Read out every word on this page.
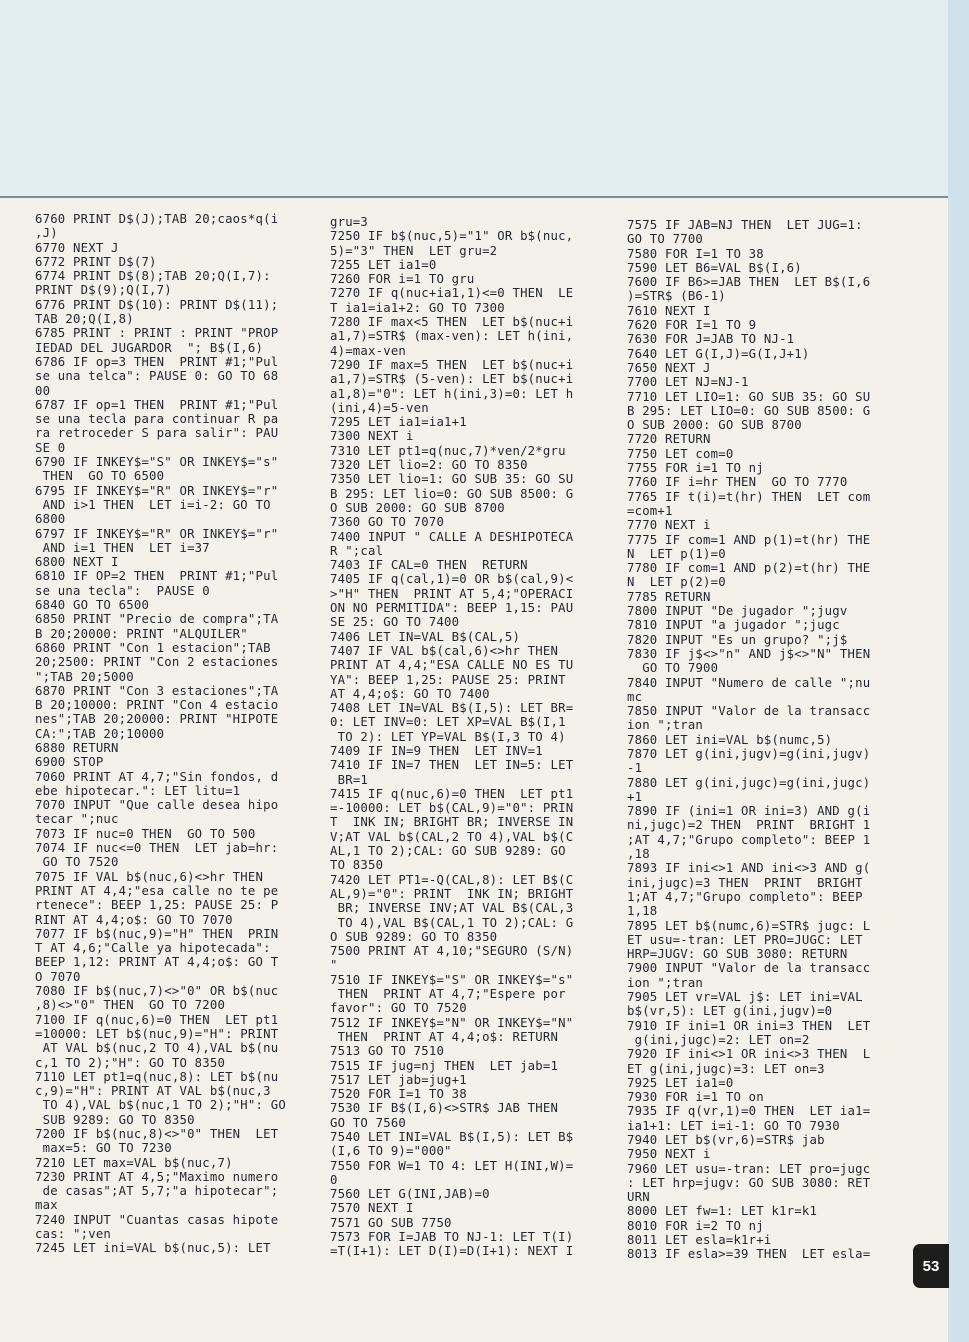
6760 PRINT D$(J);TAB 20;caos*q(i
,J)
6770 NEXT J
6772 PRINT D$(7)
6774 PRINT D$(8);TAB 20;Q(I,7):
PRINT D$(9);Q(I,7)
6776 PRINT D$(10): PRINT D$(11);
TAB 20;Q(I,8)
6785 PRINT : PRINT : PRINT "PROP
IEDAD DEL JUGARDOR  "; B$(I,6)
6786 IF op=3 THEN  PRINT #1;"Pul
se una telca": PAUSE 0: GO TO 68
00
6787 IF op=1 THEN  PRINT #1;"Pul
se una tecla para continuar R pa
ra retroceder S para salir": PAU
SE 0
6790 IF INKEY$="S" OR INKEY$="s"
THEN  GO TO 6500
6795 IF INKEY$="R" OR INKEY$="r"
AND i>1 THEN  LET i=i-2: GO TO
6800
6797 IF INKEY$="R" OR INKEY$="r"
AND i=1 THEN  LET i=37
6800 NEXT I
6810 IF OP=2 THEN  PRINT #1;"Pul
se una tecla":  PAUSE 0
6840 GO TO 6500
6850 PRINT "Precio de compra";TA
B 20;20000: PRINT "ALQUILER"
6860 PRINT "Con 1 estacion";TAB
20;2500: PRINT "Con 2 estaciones
";TAB 20;5000
6870 PRINT "Con 3 estaciones";TA
B 20;10000: PRINT "Con 4 estacio
nes";TAB 20;20000: PRINT "HIPOTE
CA:";TAB 20;10000
6880 RETURN
6900 STOP
7060 PRINT AT 4,7;"Sin fondos, d
ebe hipotecar.": LET litu=1
7070 INPUT "Que calle desea hipo
tecar ";nuc
7073 IF nuc=0 THEN  GO TO 500
7074 IF nuc<=0 THEN  LET jab=hr:
GO TO 7520
7075 IF VAL b$(nuc,6)<>hr THEN
PRINT AT 4,4;"esa calle no te pe
rtenece": BEEP 1,25: PAUSE 25: P
RINT AT 4,4;o$: GO TO 7070
7077 IF b$(nuc,9)="H" THEN  PRIN
T AT 4,6;"Calle ya hipotecada":
BEEP 1,12: PRINT AT 4,4;o$: GO T
O 7070
7080 IF b$(nuc,7)<>"0" OR b$(nuc
,8)<>"0" THEN  GO TO 7200
7100 IF q(nuc,6)=0 THEN  LET pt1
=10000: LET b$(nuc,9)="H": PRINT
AT VAL b$(nuc,2 TO 4),VAL b$(nu
c,1 TO 2);"H": GO TO 8350
7110 LET pt1=q(nuc,8): LET b$(nu
c,9)="H": PRINT AT VAL b$(nuc,3
TO 4),VAL b$(nuc,1 TO 2);"H": GO
SUB 9289: GO TO 8350
7200 IF b$(nuc,8)<>"0" THEN  LET
max=5: GO TO 7230
7210 LET max=VAL b$(nuc,7)
7230 PRINT AT 4,5;"Maximo numero
de casas";AT 5,7;"a hipotecar";
max
7240 INPUT "Cuantas casas hipote
cas: ";ven
7245 LET ini=VAL b$(nuc,5): LET
gru=3
7250 IF b$(nuc,5)="1" OR b$(nuc,
5)="3" THEN  LET gru=2
7255 LET ia1=0
7260 FOR i=1 TO gru
7270 IF q(nuc+ia1,1)<=0 THEN  LE
T ia1=ia1+2: GO TO 7300
7280 IF max<5 THEN  LET b$(nuc+i
a1,7)=STR$ (max-ven): LET h(ini,
4)=max-ven
7290 IF max=5 THEN  LET b$(nuc+i
a1,7)=STR$ (5-ven): LET b$(nuc+i
a1,8)="0": LET h(ini,3)=0: LET h
(ini,4)=5-ven
7295 LET ia1=ia1+1
7300 NEXT i
7310 LET pt1=q(nuc,7)*ven/2*gru
7320 LET lio=2: GO TO 8350
7350 LET lio=1: GO SUB 35: GO SU
B 295: LET lio=0: GO SUB 8500: G
O SUB 2000: GO SUB 8700
7360 GO TO 7070
7400 INPUT " CALLE A DESHIPOTECA
R ";cal
7403 IF CAL=0 THEN  RETURN
7405 IF q(cal,1)=0 OR b$(cal,9)<
>"H" THEN  PRINT AT 5,4;"OPERACI
ON NO PERMITIDA": BEEP 1,15: PAU
SE 25: GO TO 7400
7406 LET IN=VAL B$(CAL,5)
7407 IF VAL b$(cal,6)<>hr THEN
PRINT AT 4,4;"ESA CALLE NO ES TU
YA": BEEP 1,25: PAUSE 25: PRINT
AT 4,4;o$: GO TO 7400
7408 LET IN=VAL B$(I,5): LET BR=
0: LET INV=0: LET XP=VAL B$(I,1
TO 2): LET YP=VAL B$(I,3 TO 4)
7409 IF IN=9 THEN  LET INV=1
7410 IF IN=7 THEN  LET IN=5: LET
BR=1
7415 IF q(nuc,6)=0 THEN  LET pt1
=-10000: LET b$(CAL,9)="0": PRIN
T  INK IN; BRIGHT BR; INVERSE IN
V;AT VAL b$(CAL,2 TO 4),VAL b$(C
AL,1 TO 2);CAL: GO SUB 9289: GO
TO 8350
7420 LET PT1=-Q(CAL,8): LET B$(C
AL,9)="0": PRINT  INK IN; BRIGHT
BR; INVERSE INV;AT VAL B$(CAL,3
TO 4),VAL B$(CAL,1 TO 2);CAL: G
O SUB 9289: GO TO 8350
7500 PRINT AT 4,10;"SEGURO (S/N)
"
7510 IF INKEY$="S" OR INKEY$="s"
THEN  PRINT AT 4,7;"Espere por
favor": GO TO 7520
7512 IF INKEY$="N" OR INKEY$="N"
THEN  PRINT AT 4,4;o$: RETURN
7513 GO TO 7510
7515 IF jug=nj THEN  LET jab=1
7517 LET jab=jug+1
7520 FOR I=1 TO 38
7530 IF B$(I,6)<>STR$ JAB THEN
GO TO 7560
7540 LET INI=VAL B$(I,5): LET B$
(I,6 TO 9)="000"
7550 FOR W=1 TO 4: LET H(INI,W)=
0
7560 LET G(INI,JAB)=0
7570 NEXT I
7571 GO SUB 7750
7573 FOR I=JAB TO NJ-1: LET T(I)
=T(I+1): LET D(I)=D(I+1): NEXT I
7575 IF JAB=NJ THEN  LET JUG=1:
GO TO 7700
7580 FOR I=1 TO 38
7590 LET B6=VAL B$(I,6)
7600 IF B6>=JAB THEN  LET B$(I,6
)=STR$ (B6-1)
7610 NEXT I
7620 FOR I=1 TO 9
7630 FOR J=JAB TO NJ-1
7640 LET G(I,J)=G(I,J+1)
7650 NEXT J
7700 LET NJ=NJ-1
7710 LET LIO=1: GO SUB 35: GO SU
B 295: LET LIO=0: GO SUB 8500: G
O SUB 2000: GO SUB 8700
7720 RETURN
7750 LET com=0
7755 FOR i=1 TO nj
7760 IF i=hr THEN  GO TO 7770
7765 IF t(i)=t(hr) THEN  LET com
=com+1
7770 NEXT i
7775 IF com=1 AND p(1)=t(hr) THE
N  LET p(1)=0
7780 IF com=1 AND p(2)=t(hr) THE
N  LET p(2)=0
7785 RETURN
7800 INPUT "De jugador ";jugv
7810 INPUT "a jugador ";jugc
7820 INPUT "Es un grupo? ";j$
7830 IF j$<>"n" AND j$<>"N" THEN
GO TO 7900
7840 INPUT "Numero de calle ";nu
mc
7850 INPUT "Valor de la transacc
ion ";tran
7860 LET ini=VAL b$(numc,5)
7870 LET g(ini,jugv)=g(ini,jugv)
-1
7880 LET g(ini,jugc)=g(ini,jugc)
+1
7890 IF (ini=1 OR ini=3) AND g(i
ni,jugc)=2 THEN  PRINT  BRIGHT 1
;AT 4,7;"Grupo completo": BEEP 1
,18
7893 IF ini<>1 AND ini<>3 AND g(
ini,jugc)=3 THEN  PRINT  BRIGHT
1;AT 4,7;"Grupo completo": BEEP
1,18
7895 LET b$(numc,6)=STR$ jugc: L
ET usu=-tran: LET PRO=JUGC: LET
HRP=JUGV: GO SUB 3080: RETURN
7900 INPUT "Valor de la transacc
ion ";tran
7905 LET vr=VAL j$: LET ini=VAL
b$(vr,5): LET g(ini,jugv)=0
7910 IF ini=1 OR ini=3 THEN  LET
g(ini,jugc)=2: LET on=2
7920 IF ini<>1 OR ini<>3 THEN  L
ET g(ini,jugc)=3: LET on=3
7925 LET ia1=0
7930 FOR i=1 TO on
7935 IF q(vr,1)=0 THEN  LET ia1=
ia1+1: LET i=i-1: GO TO 7930
7940 LET b$(vr,6)=STR$ jab
7950 NEXT i
7960 LET usu=-tran: LET pro=jugc
: LET hrp=jugv: GO SUB 3080: RET
URN
8000 LET fw=1: LET k1r=k1
8010 FOR i=2 TO nj
8011 LET esla=k1r+i
8013 IF esla>=39 THEN  LET esla=
53
